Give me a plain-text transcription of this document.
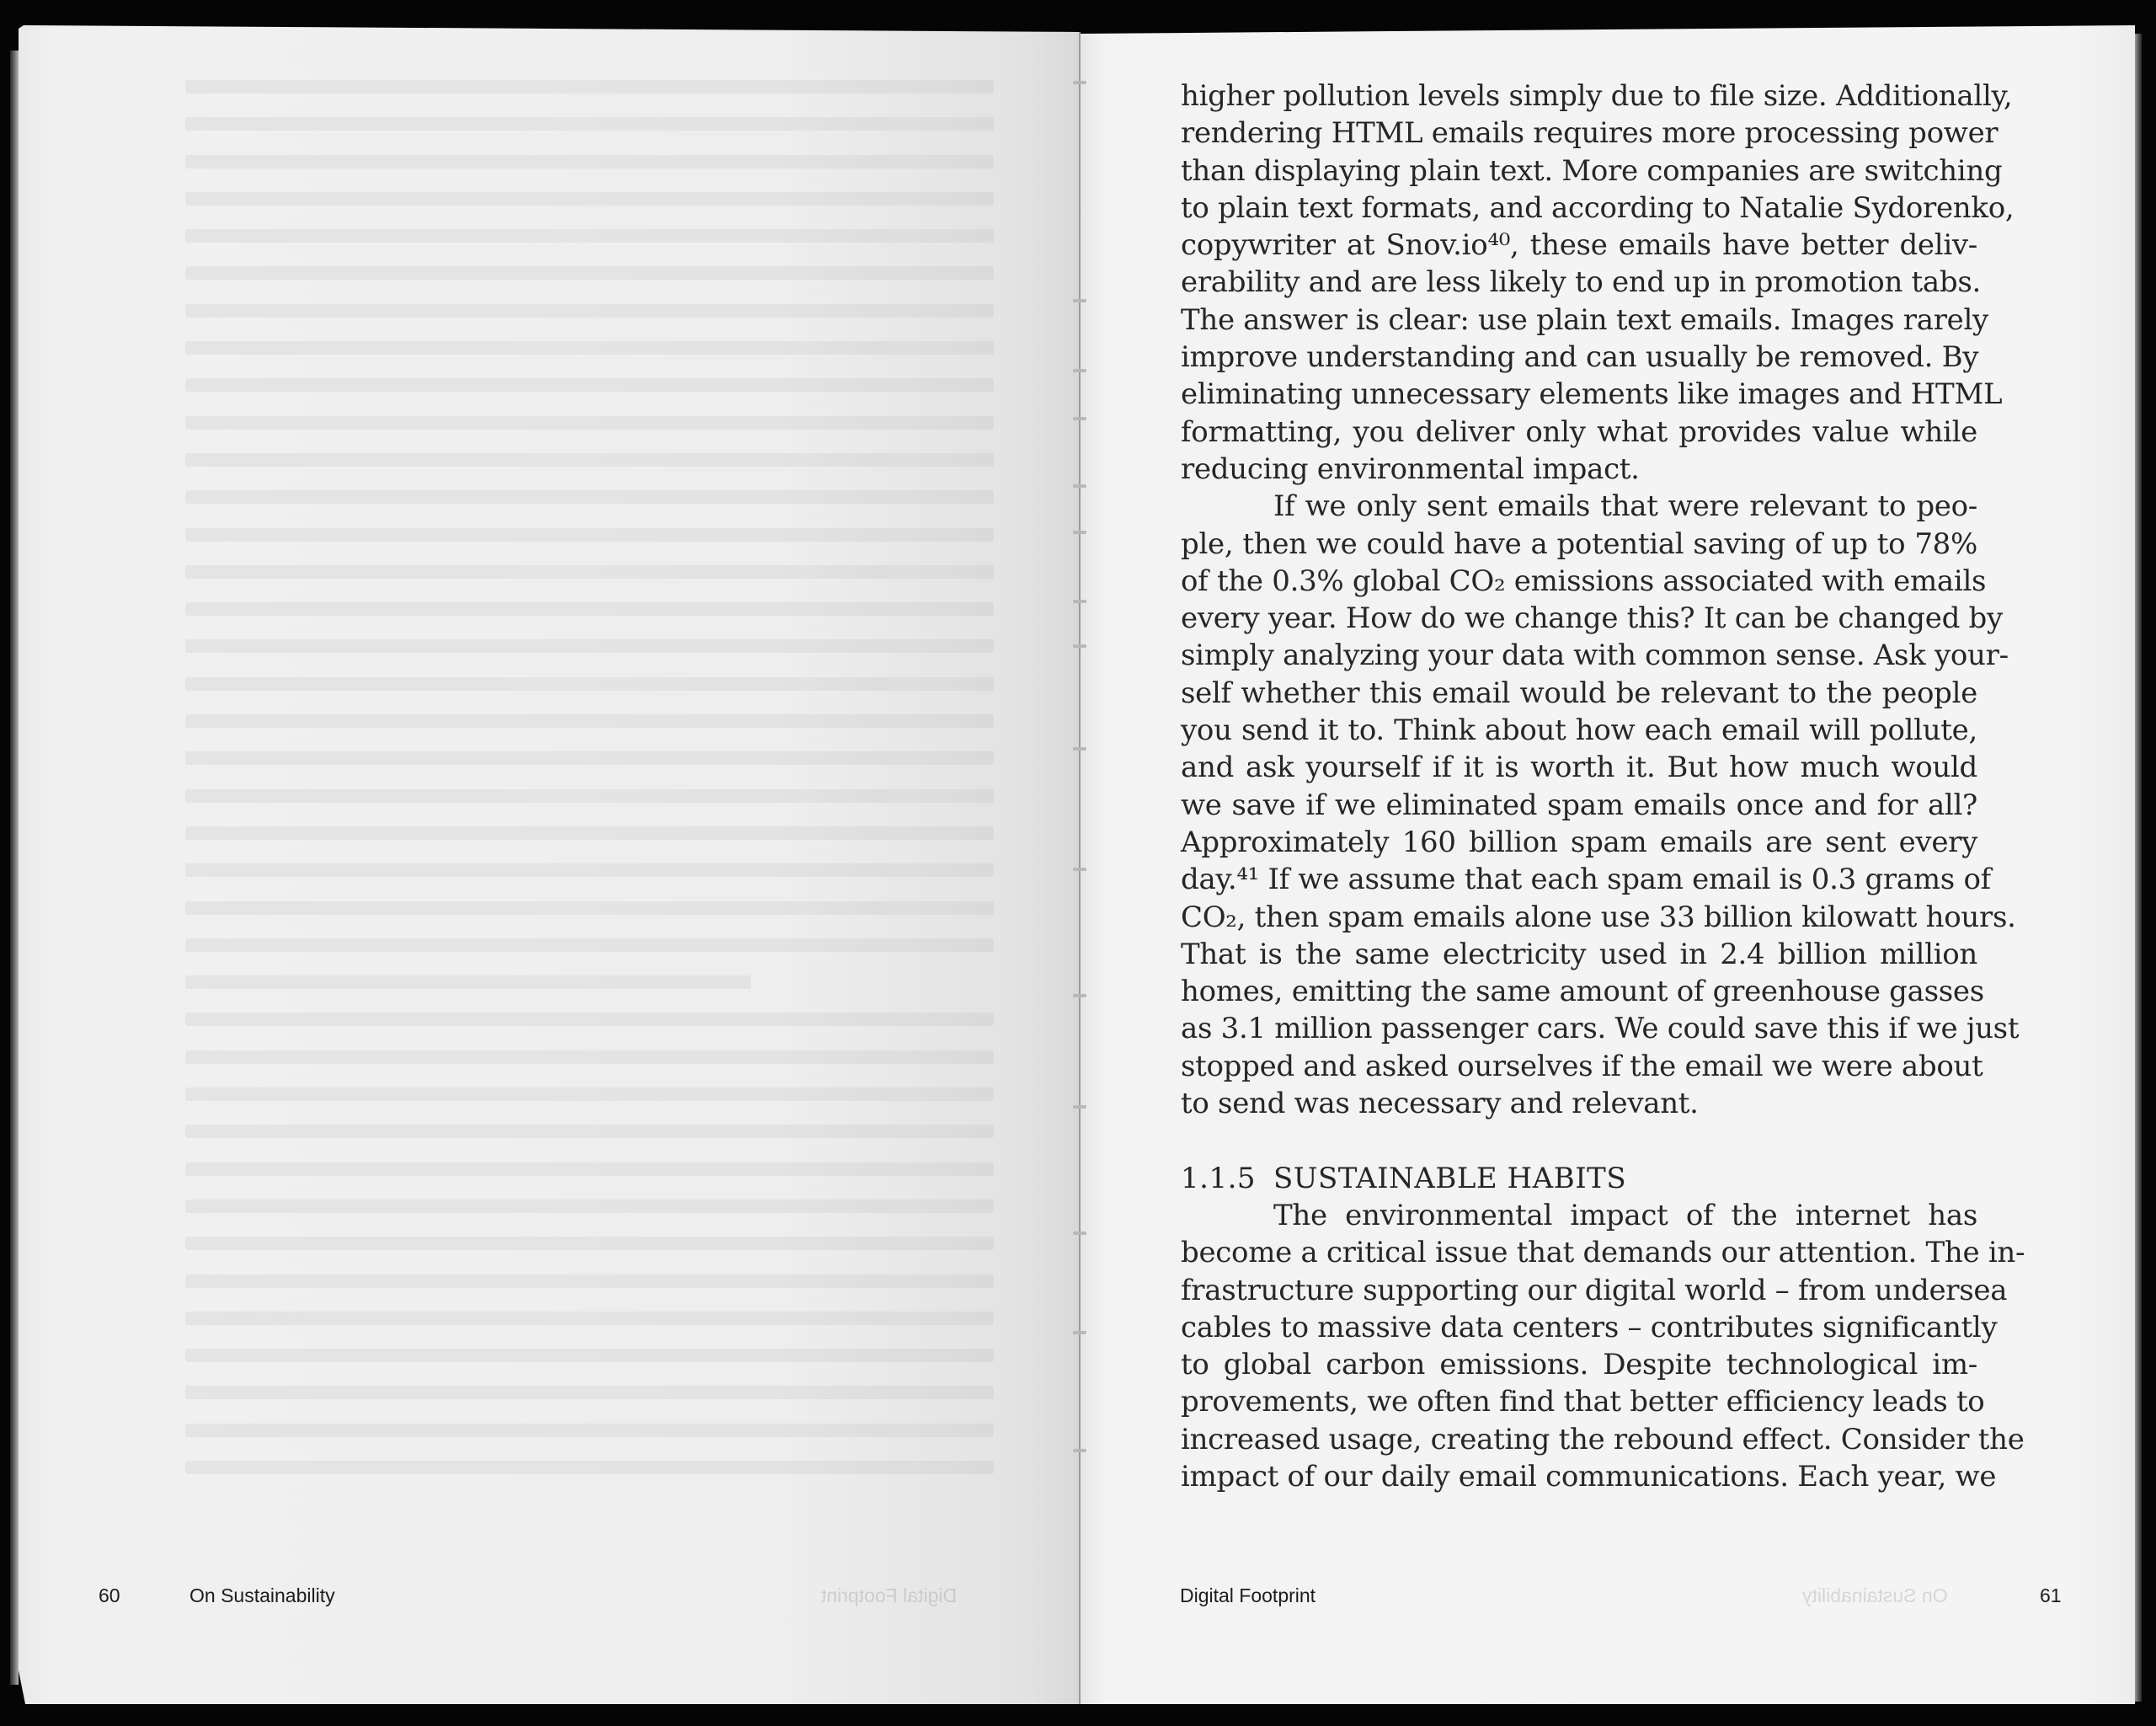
higher pollution levels simply due to file size. Additionally,
rendering HTML emails requires more processing power
than displaying plain text. More companies are switching
to plain text formats, and according to Natalie Sydorenko,
copywriter at Snov.io⁴⁰, these emails have better deliv-
erability and are less likely to end up in promotion tabs.
The answer is clear: use plain text emails. Images rarely
improve understanding and can usually be removed. By
eliminating unnecessary elements like images and HTML
formatting, you deliver only what provides value while
reducing environmental impact.
If we only sent emails that were relevant to peo-
ple, then we could have a potential saving of up to 78%
of the 0.3% global CO₂ emissions associated with emails
every year. How do we change this? It can be changed by
simply analyzing your data with common sense. Ask your-
self whether this email would be relevant to the people
you send it to. Think about how each email will pollute,
and ask yourself if it is worth it. But how much would
we save if we eliminated spam emails once and for all?
Approximately 160 billion spam emails are sent every
day.⁴¹ If we assume that each spam email is 0.3 grams of
CO₂, then spam emails alone use 33 billion kilowatt hours.
That is the same electricity used in 2.4 billion million
homes, emitting the same amount of greenhouse gasses
as 3.1 million passenger cars. We could save this if we just
stopped and asked ourselves if the email we were about
to send was necessary and relevant.
1.1.5 SUSTAINABLE HABITS
The environmental impact of the internet has
become a critical issue that demands our attention. The in-
frastructure supporting our digital world – from undersea
cables to massive data centers – contributes significantly
to global carbon emissions. Despite technological im-
provements, we often find that better efficiency leads to
increased usage, creating the rebound effect. Consider the
impact of our daily email communications. Each year, we
60	On Sustainability	Digital Footprint	Digital Footprint	On Sustainability	61
